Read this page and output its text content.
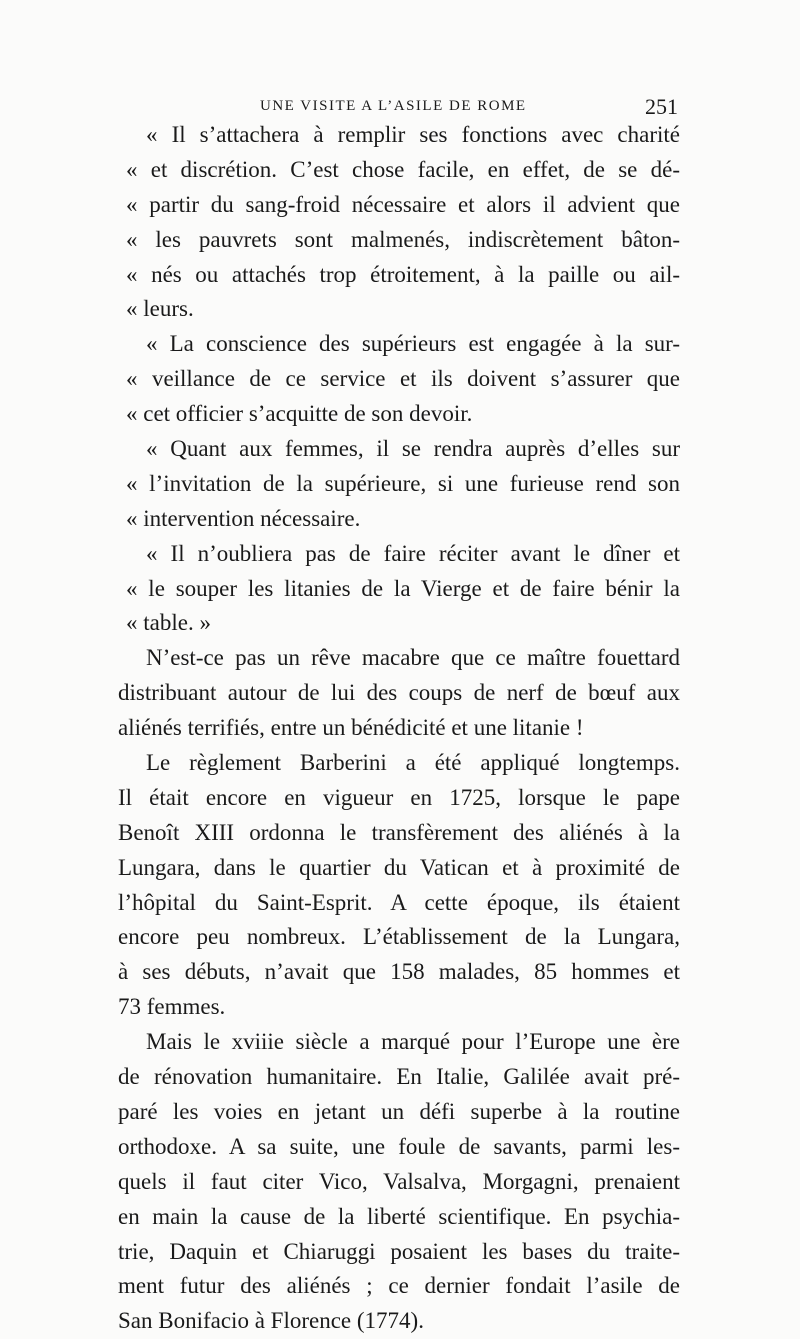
UNE VISITE A L’ASILE DE ROME	251
« Il s’attachera à remplir ses fonctions avec charité
« et discrétion. C’est chose facile, en effet, de se dé-
« partir du sang-froid nécessaire et alors il advient que
« les pauvrets sont malmenés, indiscrètement bâton-
« nés ou attachés trop étroitement, à la paille ou ail-
« leurs.
« La conscience des supérieurs est engagée à la sur-
« veillance de ce service et ils doivent s’assurer que
« cet officier s’acquitte de son devoir.
« Quant aux femmes, il se rendra auprès d’elles sur
« l’invitation de la supérieure, si une furieuse rend son
« intervention nécessaire.
« Il n’oubliera pas de faire réciter avant le dîner et
« le souper les litanies de la Vierge et de faire bénir la
« table. »
N’est-ce pas un rêve macabre que ce maître fouettard
distribuant autour de lui des coups de nerf de bœuf aux
aliénés terrifiés, entre un bénédicité et une litanie !
Le règlement Barberini a été appliqué longtemps.
Il était encore en vigueur en 1725, lorsque le pape
Benoît XIII ordonna le transfèrement des aliénés à la
Lungara, dans le quartier du Vatican et à proximité de
l’hôpital du Saint-Esprit. A cette époque, ils étaient
encore peu nombreux. L’établissement de la Lungara,
à ses débuts, n’avait que 158 malades, 85 hommes et
73 femmes.
Mais le xviiie siècle a marqué pour l’Europe une ère
de rénovation humanitaire. En Italie, Galilée avait pré-
paré les voies en jetant un défi superbe à la routine
orthodoxe. A sa suite, une foule de savants, parmi les-
quels il faut citer Vico, Valsalva, Morgagni, prenaient
en main la cause de la liberté scientifique. En psychia-
trie, Daquin et Chiaruggi posaient les bases du traite-
ment futur des aliénés ; ce dernier fondait l’asile de
San Bonifacio à Florence (1774).
